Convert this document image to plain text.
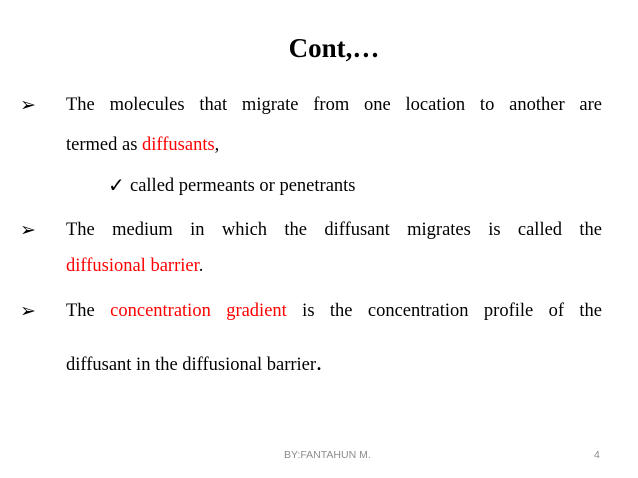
Cont,…
➢	The molecules that migrate from one location to another are
termed as diffusants,
✓ called permeants or penetrants
➢	The medium in which the diffusant migrates is called the
diffusional barrier.
➢	The concentration gradient is the concentration profile of the
diffusant in the diffusional barrier.
BY:FANTAHUN M.	4
